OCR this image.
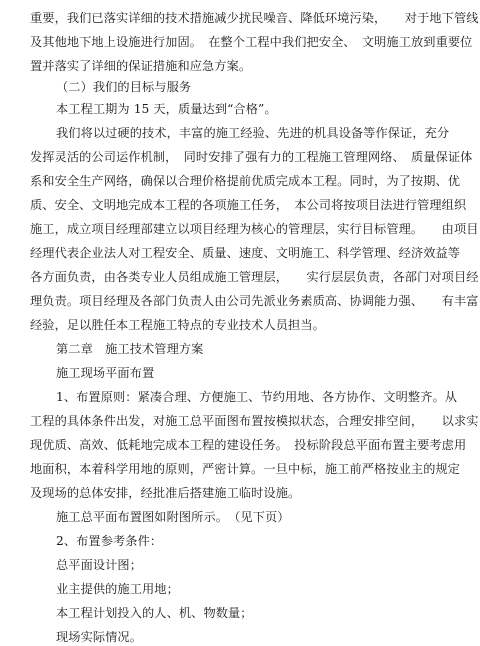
重要，我们已落实详细的技术措施减少扰民噪音、降低环境污染，　　对于地下管线
及其他地下地上设施进行加固。　在整个工程中我们把安全、　文明施工放到重要位
置并落实了详细的保证措施和应急方案。
（二）我们的目标与服务
本工程工期为 15 天，质量达到“合格”。
我们将以过硬的技术，丰富的施工经验、先进的机具设备等作保证，充分
发挥灵活的公司运作机制，　同时安排了强有力的工程施工管理网络、　质量保证体
系和安全生产网络，确保以合理价格提前优质完成本工程。同时，为了按期、优
质、安全、文明地完成本工程的各项施工任务，　本公司将按项目法进行管理组织
施工，成立项目经理部建立以项目经理为核心的管理层，实行目标管理。　　由项目
经理代表企业法人对工程安全、质量、速度、文明施工、科学管理、经济效益等
各方面负责，由各类专业人员组成施工管理层，　　实行层层负责，各部门对项目经
理负责。项目经理及各部门负责人由公司先派业务素质高、协调能力强、　　有丰富
经验，足以胜任本工程施工特点的专业技术人员担当。
第二章　施工技术管理方案
施工现场平面布置
1、布置原则：紧凑合理、方便施工、节约用地、各方协作、文明整齐。从
工程的具体条件出发，对施工总平面图布置按模拟状态，合理安排空间，　　以求实
现优质、高效、低耗地完成本工程的建设任务。　投标阶段总平面布置主要考虑用
地面积，本着科学用地的原则，严密计算。一旦中标，施工前严格按业主的规定
及现场的总体安排，经批准后搭建施工临时设施。
施工总平面布置图如附图所示。　（见下页）
2、布置参考条件：
总平面设计图；
业主提供的施工用地；
本工程计划投入的人、机、物数量；
现场实际情况。
